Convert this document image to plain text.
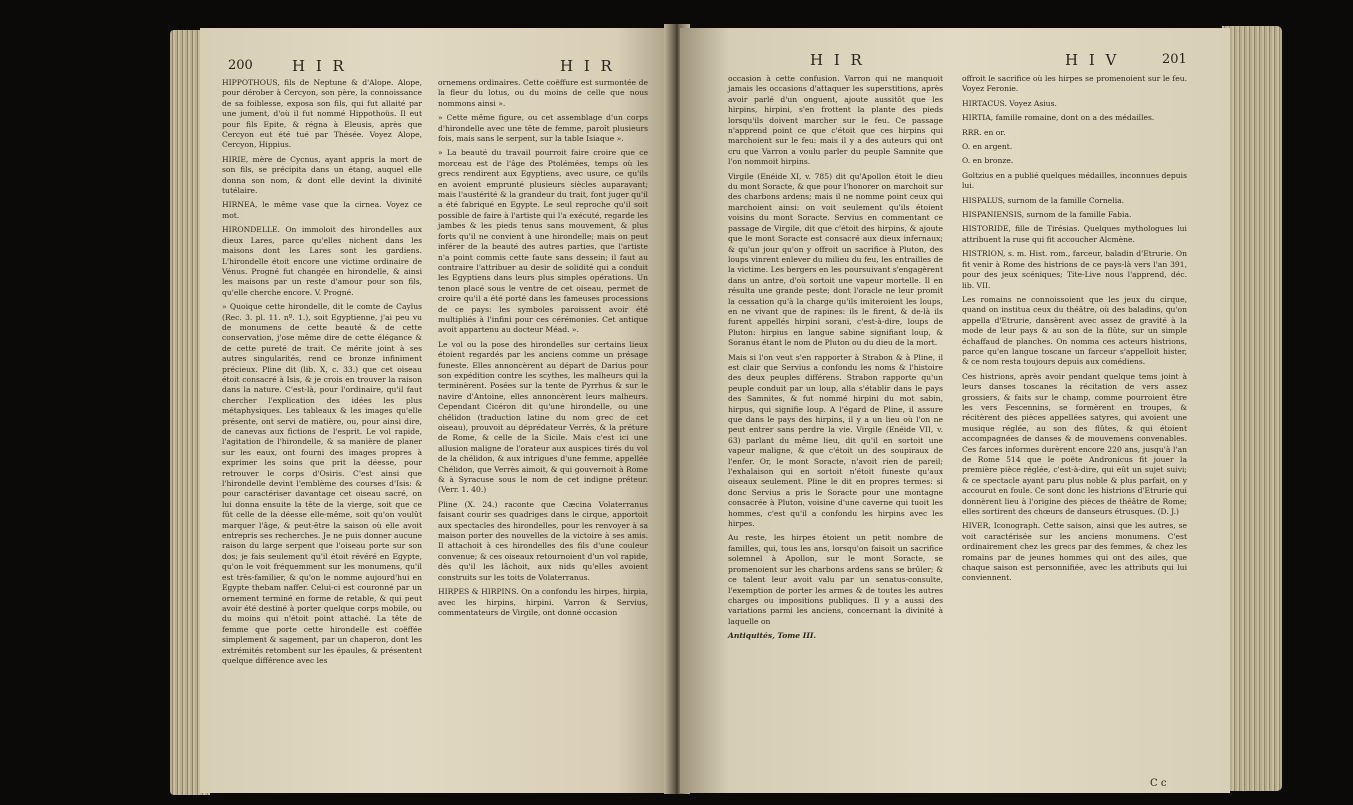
200	H I R	H I R

HIPPOTHOUS, fils de Neptune & d'Alope. Alope, pour dérober à Cercyon, son père, la connoissance de sa foiblesse, exposa son fils, qui fut allaité par une jument, d'où il fut nommé Hippothoüs. Il eut pour fils Epite, & régna à Eleusis, après que Cercyon eut été tué par Thésée. Voyez Alope, Cercyon, Hippius.

HIRIE, mère de Cycnus, ayant appris la mort de son fils, se précipita dans un étang, auquel elle donna son nom, & dont elle devint la divinité tutélaire.

HIRNEA, le même vase que la cirnea. Voyez ce mot.

HIRONDELLE. On immoloit des hirondelles aux dieux Lares, parce qu'elles nichent dans les maisons dont les Lares sont les gardiens. L'hirondelle étoit encore une victime ordinaire de Vénus. Progné fut changée en hirondelle, & ainsi les maisons par un reste d'amour pour son fils, qu'elle cherche encore. V. Progné.

» Quoique cette hirondelle, dit le comte de Caylus (Rec. 3. pl. 11. nº. 1.), soit Egyptienne, j'ai peu vu de monumens de cette beauté & de cette conservation, j'ose même dire de cette élégance & de cette pureté de trait. Ce mérite joint à ses autres singularités, rend ce bronze infiniment précieux. Pline dit (lib. X, c. 33.) que cet oiseau étoit consacré à Isis, & je crois en trouver la raison dans la nature. C'est-là, pour l'ordinaire, qu'il faut chercher l'explication des idées les plus métaphysiques. Les tableaux & les images qu'elle présente, ont servi de matière, ou, pour ainsi dire, de canevas aux fictions de l'esprit. Le vol rapide, l'agitation de l'hirondelle, & sa manière de planer sur les eaux, ont fourni des images propres à exprimer les soins que prit la déesse, pour retrouver le corps d'Osiris. C'est ainsi que l'hirondelle devint l'emblème des courses d'Isis: & pour caractériser davantage cet oiseau sacré, on lui donna ensuite la tête de la vierge, soit que ce fût celle de la déesse elle-même, soit qu'on voulût marquer l'âge, & peut-être la saison où elle avoit entrepris ses recherches. Je ne puis donner aucune raison du large serpent que l'oiseau porte sur son dos; je fais seulement qu'il étoit révéré en Egypte, qu'on le voit fréquemment sur les monumens, qu'il est très-familier, & qu'on le nomme aujourd'hui en Egypte thebam naffer. Celui-ci est couronné par un ornement terminé en forme de retable, & qui peut avoir été destiné à porter quelque corps mobile, ou du moins qui n'étoit point attaché. La tête de femme que porte cette hirondelle est coëffée simplement & sagement, par un chaperon, dont les extrémités retombent sur les épaules, & présentent quelque différence avec les

ornemens ordinaires. Cette coëffure est surmontée de la fleur du lotus, ou du moins de celle que nous nommons ainsi ».

» Cette même figure, ou cet assemblage d'un corps d'hirondelle avec une tête de femme, paroît plusieurs fois, mais sans le serpent, sur la table Isiaque ».

» La beauté du travail pourroit faire croire que ce morceau est de l'âge des Ptolémées, temps où les grecs rendirent aux Egyptiens, avec usure, ce qu'ils en avoient emprunté plusieurs siècles auparavant; mais l'austérité & la grandeur du trait, font juger qu'il a été fabriqué en Egypte. Le seul reproche qu'il soit possible de faire à l'artiste qui l'a exécuté, regarde les jambes & les pieds tenus sans mouvement, & plus forts qu'il ne convient à une hirondelle; mais on peut inférer de la beauté des autres parties, que l'artiste n'a point commis cette faute sans dessein; il faut au contraire l'attribuer au desir de solidité qui a conduit les Egyptiens dans leurs plus simples opérations. Un tenon placé sous le ventre de cet oiseau, permet de croire qu'il a été porté dans les fameuses processions de ce pays: les symboles paroissent avoir été multipliés à l'infini pour ces cérémonies. Cet antique avoit appartenu au docteur Méad. ».

Le vol ou la pose des hirondelles sur certains lieux étoient regardés par les anciens comme un présage funeste. Elles annoncèrent au départ de Darius pour son expédition contre les scythes, les malheurs qui la terminèrent. Posées sur la tente de Pyrrhus & sur le navire d'Antoine, elles annoncèrent leurs malheurs. Cependant Cicéron dit qu'une hirondelle, ou une chélidon (traduction latine du nom grec de cet oiseau), prouvoit au déprédateur Verrès, & la préture de Rome, & celle de la Sicile. Mais c'est ici une allusion maligne de l'orateur aux auspices tirés du vol de la chélidon, & aux intrigues d'une femme, appellée Chélidon, que Verrès aimoit, & qui gouvernoit à Rome & à Syracuse sous le nom de cet indigne préteur. (Verr. 1. 40.)

Pline (X. 24.) raconte que Cæcina Volaterranus faisant courir ses quadriges dans le cirque, apportoit aux spectacles des hirondelles, pour les renvoyer à sa maison porter des nouvelles de la victoire à ses amis. Il attachoit à ces hirondelles des fils d'une couleur convenue; & ces oiseaux retournoient d'un vol rapide, dès qu'il les lâchoit, aux nids qu'elles avoient construits sur les toits de Volaterranus.

HIRPES & HIRPINS. On a confondu les hirpes, hirpia, avec les hirpins, hirpini. Varron & Servius, commentateurs de Virgile, ont donné occasion

H I R	H I V	201

occasion à cette confusion. Varron qui ne manquoit jamais les occasions d'attaquer les superstitions, après avoir parlé d'un onguent, ajoute aussitôt que les hirpins, hirpini, s'en frottent la plante des pieds lorsqu'ils doivent marcher sur le feu. Ce passage n'apprend point ce que c'étoit que ces hirpins qui marchoient sur le feu: mais il y a des auteurs qui ont cru que Varron a voulu parler du peuple Samnite que l'on nommoit hirpins.

Virgile (Enéide XI, v. 785) dit qu'Apollon étoit le dieu du mont Soracte, & que pour l'honorer on marchoit sur des charbons ardens; mais il ne nomme point ceux qui marchoient ainsi: on voit seulement qu'ils étoient voisins du mont Soracte. Servius en commentant ce passage de Virgile, dit que c'étoit des hirpins, & ajoute que le mont Soracte est consacré aux dieux infernaux; & qu'un jour qu'on y offroit un sacrifice à Pluton, des loups vinrent enlever du milieu du feu, les entrailles de la victime. Les bergers en les poursuivant s'engagèrent dans un antre, d'où sortoit une vapeur mortelle. Il en résulta une grande peste; dont l'oracle ne leur promit la cessation qu'à la charge qu'ils imiteroient les loups, en ne vivant que de rapines: ils le firent, & de-là ils furent appellés hirpini sorani, c'est-à-dire, loups de Pluton: hirpius en langue sabine signifiant loup, & Soranus étant le nom de Pluton ou du dieu de la mort.

Mais si l'on veut s'en rapporter à Strabon & à Pline, il est clair que Servius a confondu les noms & l'histoire des deux peuples différens. Strabon rapporte qu'un peuple conduit par un loup, alla s'établir dans le pays des Samnites, & fut nommé hirpini du mot sabin, hirpus, qui signifie loup. A l'égard de Pline, il assure que dans le pays des hirpins, il y a un lieu où l'on ne peut entrer sans perdre la vie. Virgile (Enéide VII, v. 63) parlant du même lieu, dit qu'il en sortoit une vapeur maligne, & que c'étoit un des soupiraux de l'enfer. Or, le mont Soracte, n'avoit rien de pareil; l'exhalaison qui en sortoit n'étoit funeste qu'aux oiseaux seulement. Pline le dit en propres termes: si donc Servius a pris le Soracte pour une montagne consacrée à Pluton, voisine d'une caverne qui tuoit les hommes, c'est qu'il a confondu les hirpins avec les hirpes.

Au reste, les hirpes étoient un petit nombre de familles, qui, tous les ans, lorsqu'on faisoit un sacrifice solemnel à Apollon, sur le mont Soracte, se promenoient sur les charbons ardens sans se brûler; & ce talent leur avoit valu par un senatus-consulte, l'exemption de porter les armes & de toutes les autres charges ou impositions publiques. Il y a aussi des variations parmi les anciens, concernant la divinité à laquelle on

Antiquités, Tome III.

offroit le sacrifice où les hirpes se promenoient sur le feu. Voyez Feronie.

HIRTACUS. Voyez Asius.

HIRTIA, famille romaine, dont on a des médailles.

RRR. en or.

O. en argent.

O. en bronze.

Goltzius en a publié quelques médailles, inconnues depuis lui.

HISPALUS, surnom de la famille Cornelia.

HISPANIENSIS, surnom de la famille Fabia.

HISTORIDE, fille de Tirésias. Quelques mythologues lui attribuent la ruse qui fit accoucher Alcmène.

HISTRION, s. m. Hist. rom., farceur, baladin d'Etrurie. On fit venir à Rome des histrions de ce pays-là vers l'an 391, pour des jeux scéniques; Tite-Live nous l'apprend, déc. lib. VII.

Les romains ne connoissoient que les jeux du cirque, quand on institua ceux du théâtre, où des baladins, qu'on appella d'Etrurie, dansèrent avec assez de gravité à la mode de leur pays & au son de la flûte, sur un simple échaffaud de planches. On nomma ces acteurs histrions, parce qu'en langue toscane un farceur s'appelloit hister, & ce nom resta toujours depuis aux comédiens.

Ces histrions, après avoir pendant quelque tems joint à leurs danses toscanes la récitation de vers assez grossiers, & faits sur le champ, comme pourroient être les vers Fescennins, se formèrent en troupes, & récitèrent des pièces appellées satyres, qui avoient une musique réglée, au son des flûtes, & qui étoient accompagnées de danses & de mouvemens convenables. Ces farces informes durèrent encore 220 ans, jusqu'à l'an de Rome 514 que le poëte Andronicus fit jouer la première pièce réglée, c'est-à-dire, qui eût un sujet suivi; & ce spectacle ayant paru plus noble & plus parfait, on y accourut en foule. Ce sont donc les histrions d'Etrurie qui donnèrent lieu à l'origine des pièces de théâtre de Rome; elles sortirent des chœurs de danseurs étrusques. (D. J.)

HIVER, Iconograph. Cette saison, ainsi que les autres, se voit caractérisée sur les anciens monumens. C'est ordinairement chez les grecs par des femmes, & chez les romains par de jeunes hommes qui ont des ailes, que chaque saison est personnifiée, avec les attributs qui lui conviennent.

C c
